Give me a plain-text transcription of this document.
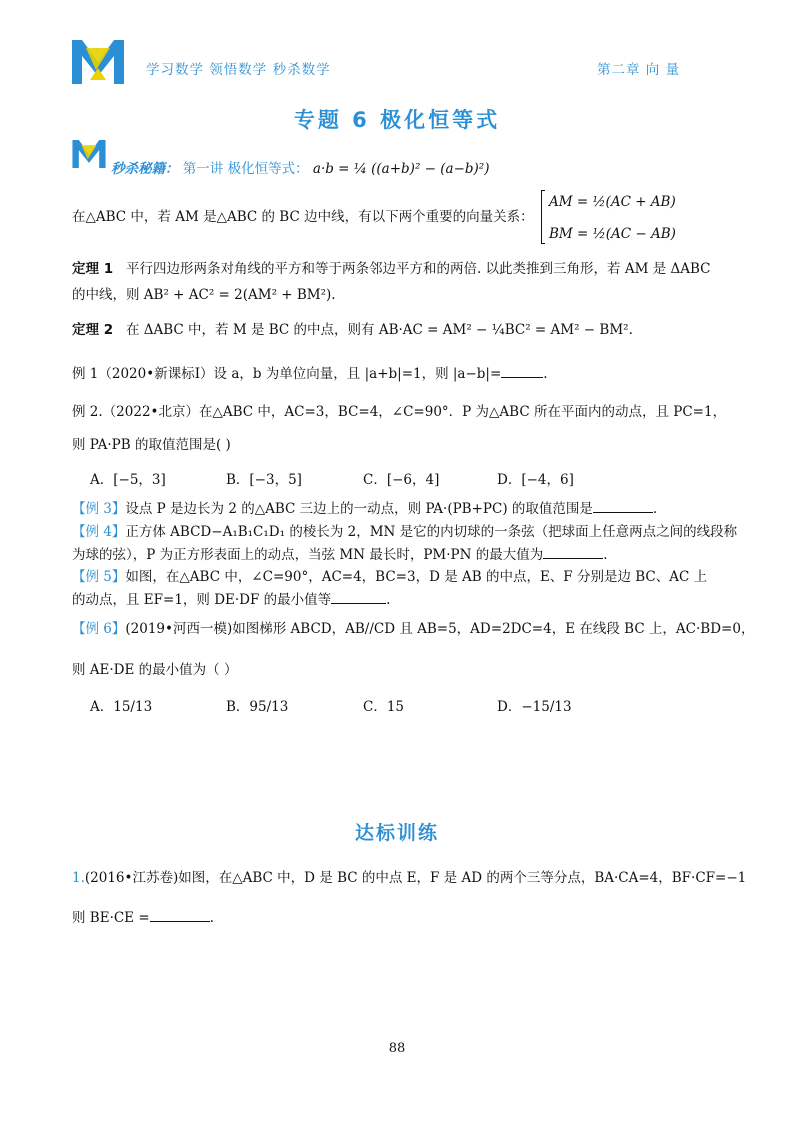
学习数学 领悟数学 秒杀数学	第二章 向 量
专题 6 极化恒等式
秒杀秘籍： 第一讲 极化恒等式： a·b = ¼ ((a+b)² − (a−b)²)
在△ABC 中，若 AM 是△ABC 的 BC 边中线，有以下两个重要的向量关系：
AM = ½(AC + AB)
BM = ½(AC − AB)
定理 1 平行四边形两条对角线的平方和等于两条邻边平方和的两倍. 以此类推到三角形，若 AM 是 ΔABC
的中线，则 AB² + AC² = 2(AM² + BM²).
定理 2 在 ΔABC 中，若 M 是 BC 的中点，则有 AB·AC = AM² − ¼BC² = AM² − BM².
例 1（2020•新课标Ⅰ）设 a，b 为单位向量，且 |a+b|=1，则 |a−b|=	.
例 2.（2022•北京）在△ABC 中，AC=3，BC=4，∠C=90°．P 为△ABC 所在平面内的动点，且 PC=1，
则 PA·PB 的取值范围是( )
A．[−5，3]	B．[−3，5]	C．[−6，4]	D．[−4，6]
【例 3】设点 P 是边长为 2 的△ABC 三边上的一动点，则 PA·(PB+PC) 的取值范围是	.
【例 4】正方体 ABCD−A₁B₁C₁D₁ 的棱长为 2，MN 是它的内切球的一条弦（把球面上任意两点之间的线段称
为球的弦），P 为正方形表面上的动点，当弦 MN 最长时，PM·PN 的最大值为	.
【例 5】如图，在△ABC 中，∠C=90°，AC=4，BC=3，D 是 AB 的中点，E、F 分别是边 BC、AC 上
的动点，且 EF=1，则 DE·DF 的最小值等	.
【例 6】(2019•河西一模)如图梯形 ABCD，AB//CD 且 AB=5，AD=2DC=4，E 在线段 BC 上，AC·BD=0，
则 AE·DE 的最小值为（ ）
A．15/13	B．95/13	C．15	D．−15/13
达标训练
1.(2016•江苏卷)如图，在△ABC 中，D 是 BC 的中点 E，F 是 AD 的两个三等分点，BA·CA=4，BF·CF=−1
则 BE·CE =	.
88
